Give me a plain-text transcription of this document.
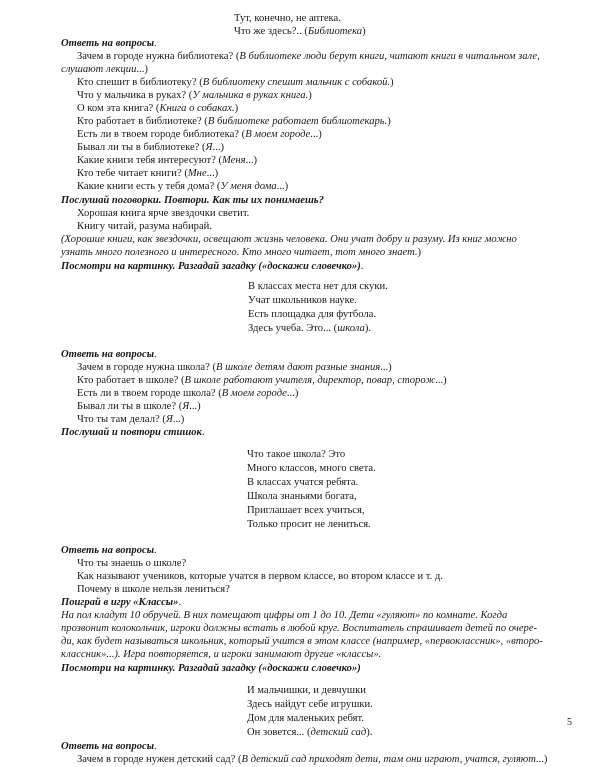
Тут, конечно, не аптека.
Что же здесь?.. (Библиотека)
Ответь на вопросы.
Зачем в городе нужна библиотека? (В библиотеке люди берут книги, читают книги в читальном зале,
слушают лекции...)
Кто спешит в библиотеку? (В библиотеку спешит мальчик с собакой.)
Что у мальчика в руках? (У мальчика в руках книга.)
О ком эта книга? (Книга о собаках.)
Кто работает в библиотеке? (В библиотеке работает библиотекарь.)
Есть ли в твоем городе библиотека? (В моем городе...)
Бывал ли ты в библиотеке? (Я...)
Какие книги тебя интересуют? (Меня...)
Кто тебе читает книги? (Мне...)
Какие книги есть у тебя дома? (У меня дома...)
Послушай поговорки. Повтори. Как ты их понимаешь?
Хорошая книга ярче звездочки светит.
Книгу читай, разума набирай.
(Хорошие книги, как звездочки, освещают жизнь человека. Они учат добру и разуму. Из книг можно
узнать много полезного и интересного. Кто много читает, тот много знает.)
Посмотри на картинку. Разгадай загадку («доскажи словечко»).
В классах места нет для скуки.
Учат школьников науке.
Есть площадка для футбола.
Здесь учеба. Это... (школа).
Ответь на вопросы.
Зачем в городе нужна школа? (В школе детям дают разные знания...)
Кто работает в школе? (В школе работают учителя, директор, повар, сторож...)
Есть ли в твоем городе школа? (В моем городе...)
Бывал ли ты в школе? (Я...)
Что ты там делал? (Я...)
Послушай и повтори стишок.
Что такое школа? Это
Много классов, много света.
В классах учатся ребята.
Школа знаньями богата,
Приглашает всех учиться,
Только просит не лениться.
Ответь на вопросы.
Что ты знаешь о школе?
Как называют учеников, которые учатся в первом классе, во втором классе и т. д.
Почему в школе нельзя лениться?
Поиграй в игру «Классы».
На пол кладут 10 обручей. В них помещают цифры от 1 до 10. Дети «гуляют» по комнате. Когда
прозвонит колокольчик, игроки должны встать в любой круг. Воспитатель спрашивает детей по очере-
ди, как будет называться школьник, который учится в этом классе (например, «первоклассник», «второ-
классник»...). Игра повторяется, и игроки занимают другие «классы».
Посмотри на картинку. Разгадай загадку («доскажи словечко»)
И мальчишки, и девчушки
Здесь найдут себе игрушки.
Дом для маленьких ребят.
Он зовется... (детский сад).
Ответь на вопросы.
Зачем в городе нужен детский сад? (В детский сад приходят дети, там они играют, учатся, гуляют...)
5
